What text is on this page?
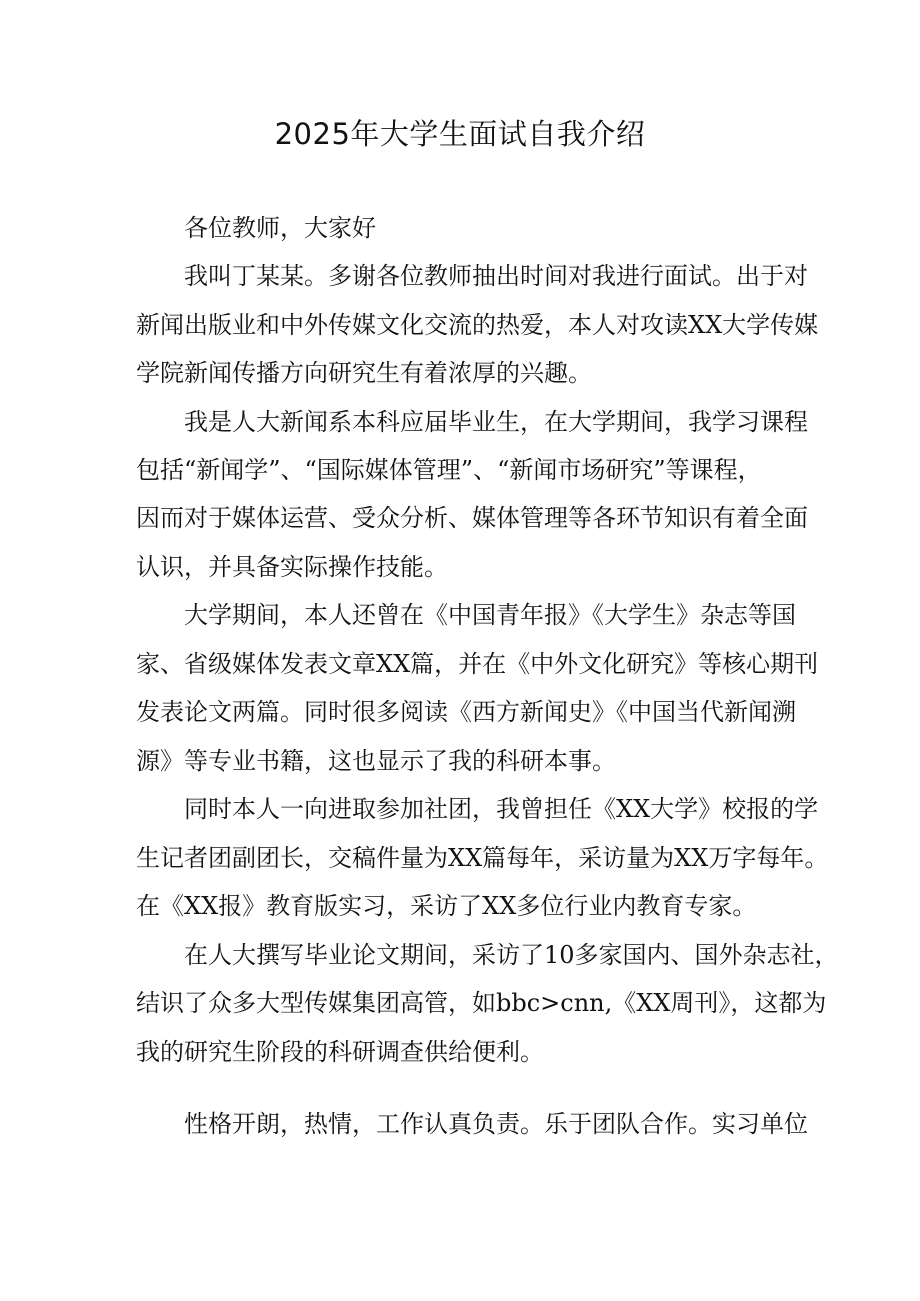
2025年大学生面试自我介绍

各位教师，大家好

我叫丁某某。多谢各位教师抽出时间对我进行面试。出于对

新闻出版业和中外传媒文化交流的热爱，本人对攻读XX大学传媒

学院新闻传播方向研究生有着浓厚的兴趣。

我是人大新闻系本科应届毕业生，在大学期间，我学习课程

包括“新闻学”、“国际媒体管理”、“新闻市场研究”等课程，

因而对于媒体运营、受众分析、媒体管理等各环节知识有着全面

认识，并具备实际操作技能。

大学期间，本人还曾在《中国青年报》《大学生》杂志等国

家、省级媒体发表文章XX篇，并在《中外文化研究》等核心期刊

发表论文两篇。同时很多阅读《西方新闻史》《中国当代新闻溯

源》等专业书籍，这也显示了我的科研本事。

同时本人一向进取参加社团，我曾担任《XX大学》校报的学

生记者团副团长，交稿件量为XX篇每年，采访量为XX万字每年。

在《XX报》教育版实习，采访了XX多位行业内教育专家。

在人大撰写毕业论文期间，采访了10多家国内、国外杂志社，

结识了众多大型传媒集团高管，如bbc>cnn,《XX周刊》，这都为

我的研究生阶段的科研调查供给便利。

性格开朗，热情，工作认真负责。乐于团队合作。实习单位
